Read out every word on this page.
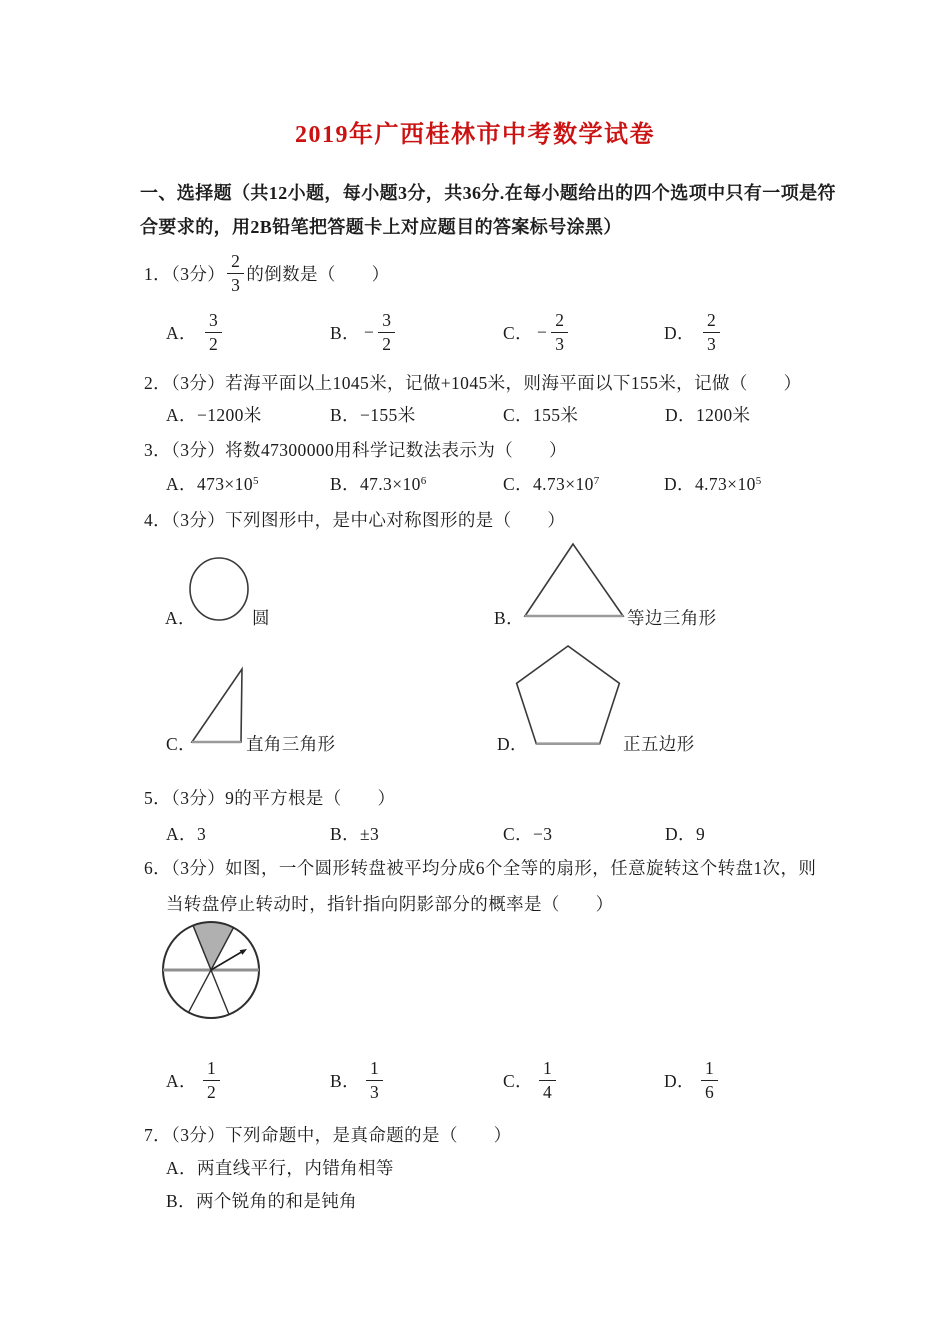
2019年广西桂林市中考数学试卷
一、选择题（共12小题，每小题3分，共36分.在每小题给出的四个选项中只有一项是符
合要求的，用2B铅笔把答题卡上对应题目的答案标号涂黑）
1．（3分） $\frac{2}{3}$ 的倒数是（　　）
A． $\frac{3}{2}$	B． − $\frac{3}{2}$	C． − $\frac{2}{3}$	D． $\frac{2}{3}$
2．（3分）若海平面以上1045米，记做+1045米，则海平面以下155米，记做（　　）
A．−1200米	B．−155米	C．155米	D．1200米
3．（3分）将数47300000用科学记数法表示为（　　）
A．$473\times 10^5$	B．$47.3\times 10^6$	C．$4.73\times 10^7$	D．$4.73\times 10^5$
4．（3分）下列图形中，是中心对称图形的是（　　）
A．	圆	B．	等边三角形
C．	直角三角形	D．	正五边形
5．（3分）9的平方根是（　　）
A．3	B．±3	C．−3	D．9
6．（3分）如图，一个圆形转盘被平均分成6个全等的扇形，任意旋转这个转盘1次，则
当转盘停止转动时，指针指向阴影部分的概率是（　　）
A． $\frac{1}{2}$	B． $\frac{1}{3}$	C． $\frac{1}{4}$	D． $\frac{1}{6}$
7．（3分）下列命题中，是真命题的是（　　）
A．两直线平行，内错角相等
B．两个锐角的和是钝角
